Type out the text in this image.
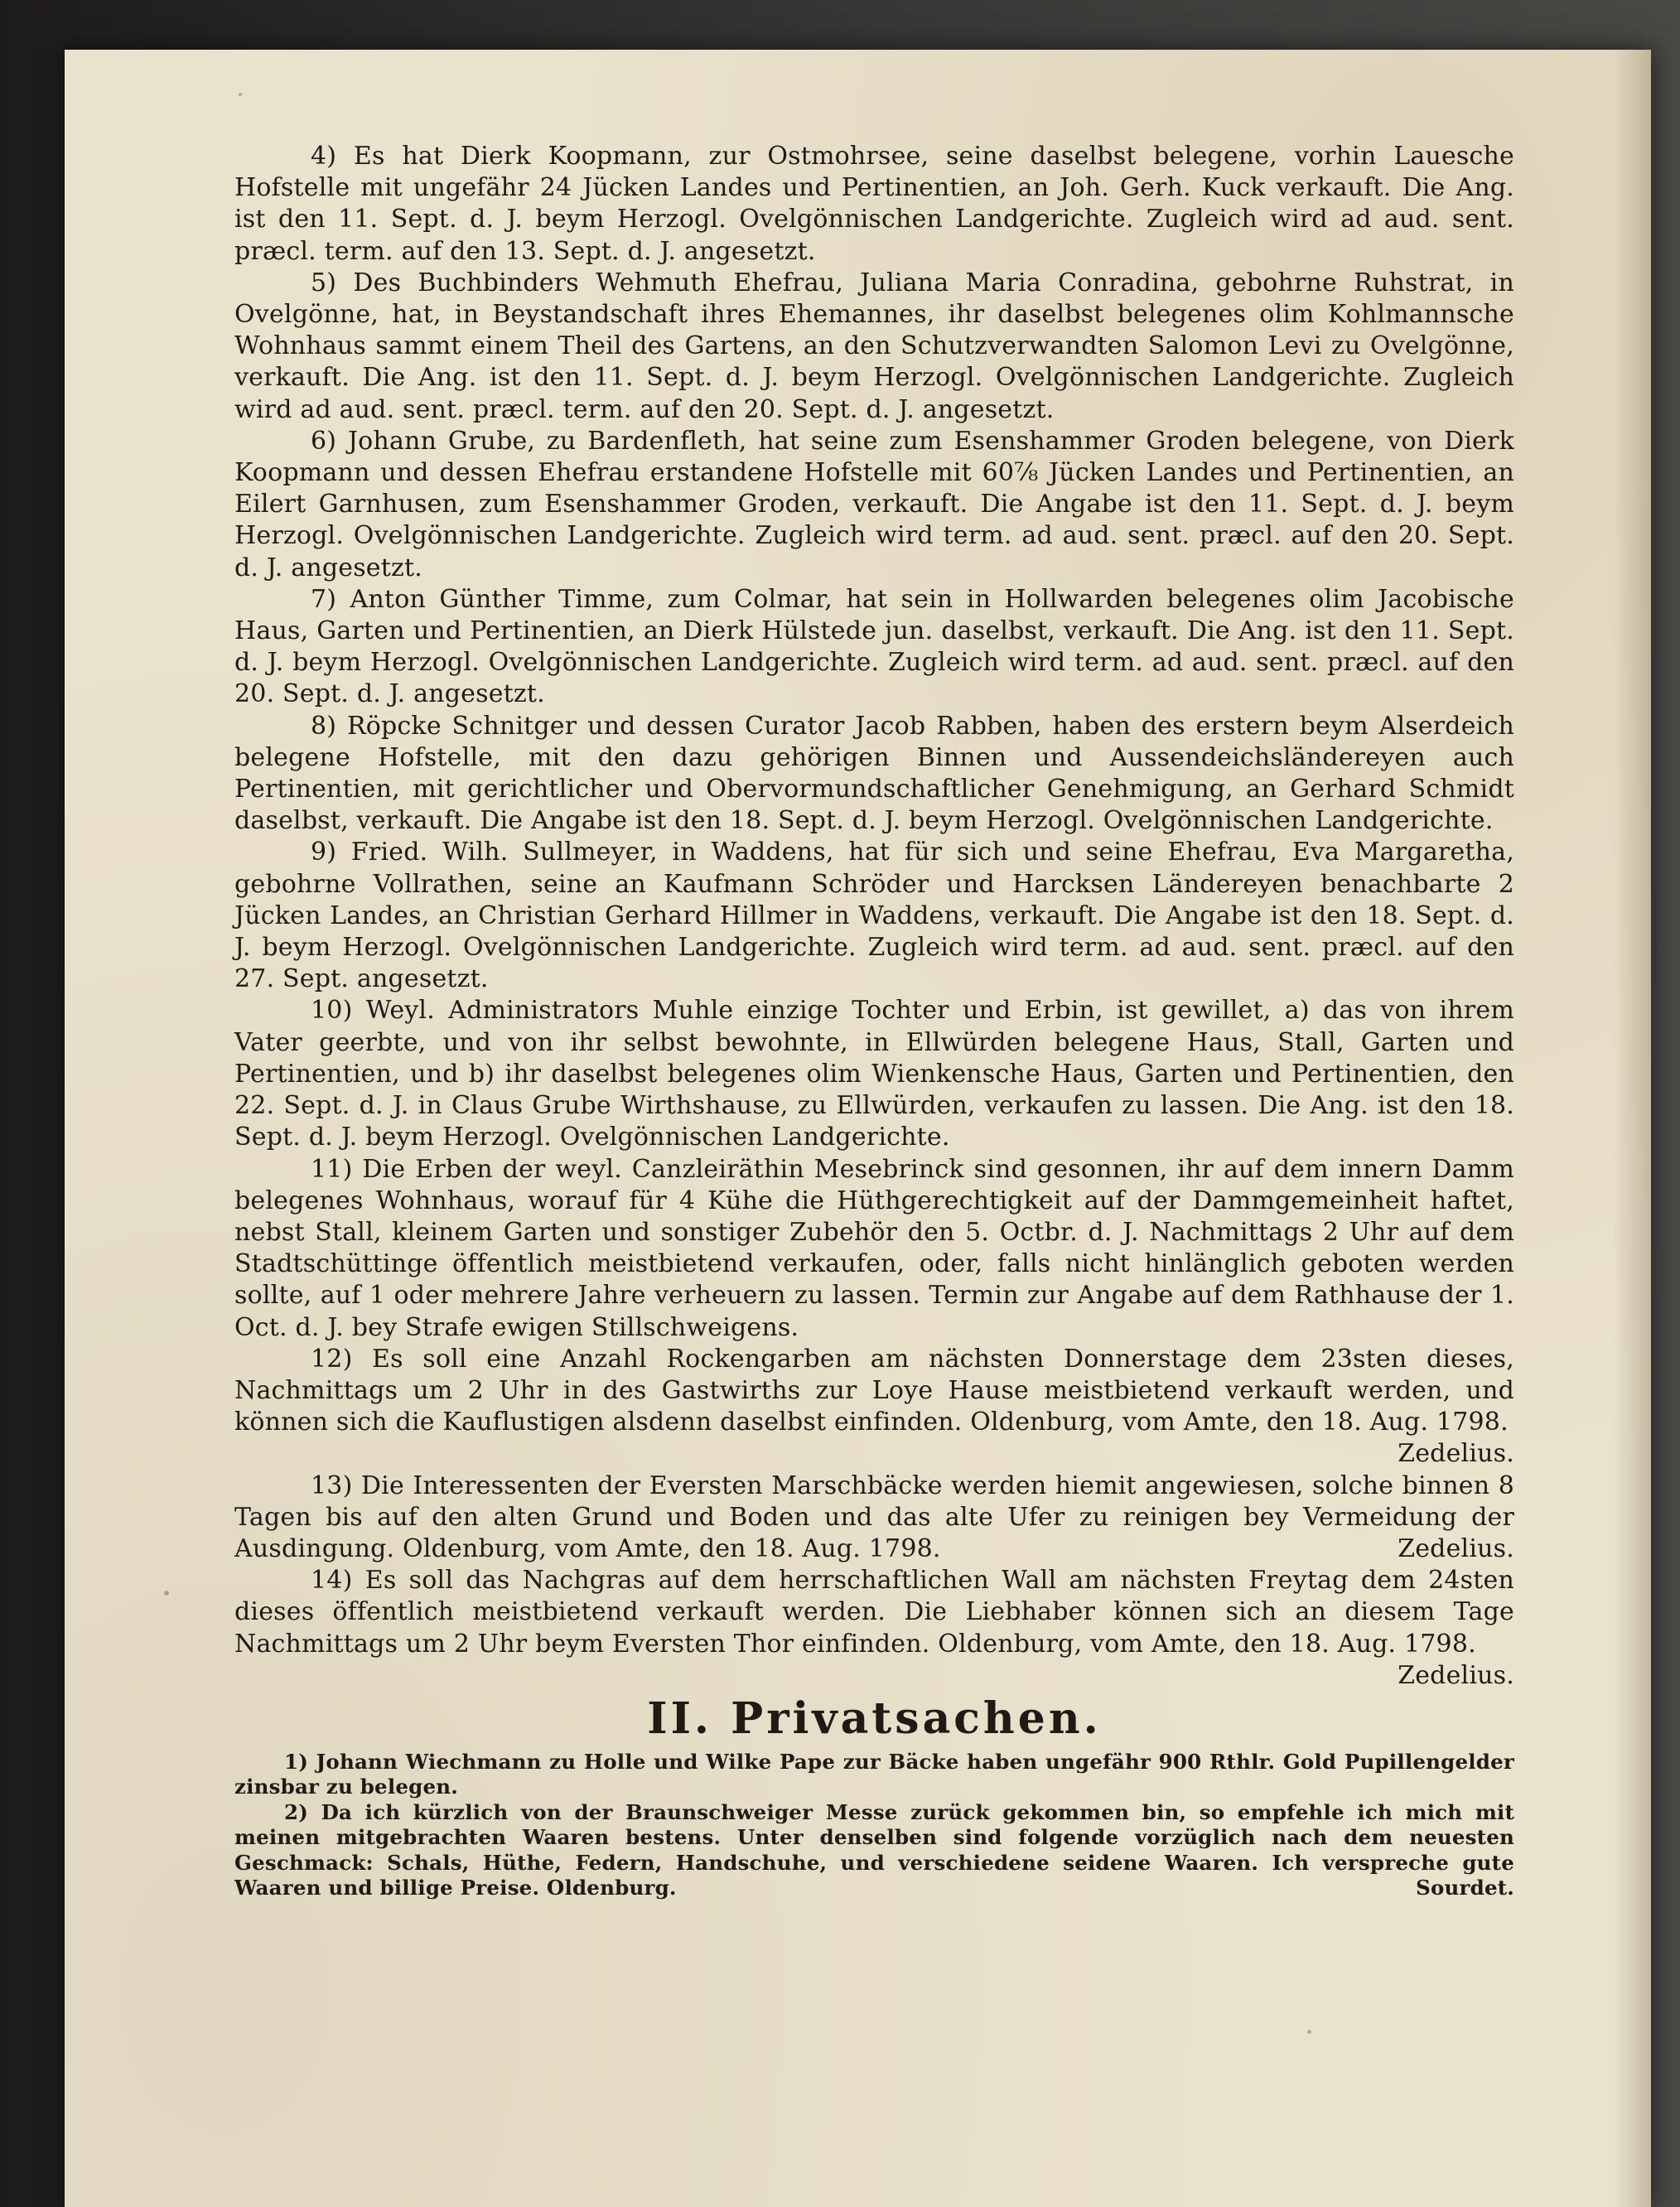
4) Es hat Dierk Koopmann, zur Ostmohrsee, seine daselbst belegene, vorhin Lauesche Hofstelle mit ungefähr 24 Jücken Landes und Pertinentien, an Joh. Gerh. Kuck verkauft. Die Ang. ist den 11. Sept. d. J. beym Herzogl. Ovelgönnischen Landgerichte. Zugleich wird ad aud. sent. præcl. term. auf den 13. Sept. d. J. angesetzt.

5) Des Buchbinders Wehmuth Ehefrau, Juliana Maria Conradina, gebohrne Ruhstrat, in Ovelgönne, hat, in Beystandschaft ihres Ehemannes, ihr daselbst belegenes olim Kohlmannsche Wohnhaus sammt einem Theil des Gartens, an den Schutzverwandten Salomon Levi zu Ovelgönne, verkauft. Die Ang. ist den 11. Sept. d. J. beym Herzogl. Ovelgönnischen Landgerichte. Zugleich wird ad aud. sent. præcl. term. auf den 20. Sept. d. J. angesetzt.

6) Johann Grube, zu Bardenfleth, hat seine zum Esenshammer Groden belegene, von Dierk Koopmann und dessen Ehefrau erstandene Hofstelle mit 60⅞ Jücken Landes und Pertinentien, an Eilert Garnhusen, zum Esenshammer Groden, verkauft. Die Angabe ist den 11. Sept. d. J. beym Herzogl. Ovelgönnischen Landgerichte. Zugleich wird term. ad aud. sent. præcl. auf den 20. Sept. d. J. angesetzt.

7) Anton Günther Timme, zum Colmar, hat sein in Hollwarden belegenes olim Jacobische Haus, Garten und Pertinentien, an Dierk Hülstede jun. daselbst, verkauft. Die Ang. ist den 11. Sept. d. J. beym Herzogl. Ovelgönnischen Landgerichte. Zugleich wird term. ad aud. sent. præcl. auf den 20. Sept. d. J. angesetzt.

8) Röpcke Schnitger und dessen Curator Jacob Rabben, haben des erstern beym Alserdeich belegene Hofstelle, mit den dazu gehörigen Binnen und Aussendeichsländereyen auch Pertinentien, mit gerichtlicher und Obervormundschaftlicher Genehmigung, an Gerhard Schmidt daselbst, verkauft. Die Angabe ist den 18. Sept. d. J. beym Herzogl. Ovelgönnischen Landgerichte.

9) Fried. Wilh. Sullmeyer, in Waddens, hat für sich und seine Ehefrau, Eva Margaretha, gebohrne Vollrathen, seine an Kaufmann Schröder und Harcksen Ländereyen benachbarte 2 Jücken Landes, an Christian Gerhard Hillmer in Waddens, verkauft. Die Angabe ist den 18. Sept. d. J. beym Herzogl. Ovelgönnischen Landgerichte. Zugleich wird term. ad aud. sent. præcl. auf den 27. Sept. angesetzt.

10) Weyl. Administrators Muhle einzige Tochter und Erbin, ist gewillet, a) das von ihrem Vater geerbte, und von ihr selbst bewohnte, in Ellwürden belegene Haus, Stall, Garten und Pertinentien, und b) ihr daselbst belegenes olim Wienkensche Haus, Garten und Pertinentien, den 22. Sept. d. J. in Claus Grube Wirthshause, zu Ellwürden, verkaufen zu lassen. Die Ang. ist den 18. Sept. d. J. beym Herzogl. Ovelgönnischen Landgerichte.

11) Die Erben der weyl. Canzleiräthin Mesebrinck sind gesonnen, ihr auf dem innern Damm belegenes Wohnhaus, worauf für 4 Kühe die Hüthgerechtigkeit auf der Dammgemeinheit haftet, nebst Stall, kleinem Garten und sonstiger Zubehör den 5. Octbr. d. J. Nachmittags 2 Uhr auf dem Stadtschüttingе öffentlich meistbietend verkaufen, oder, falls nicht hinlänglich geboten werden sollte, auf 1 oder mehrere Jahre verheuern zu lassen. Termin zur Angabe auf dem Rathhause der 1. Oct. d. J. bey Strafe ewigen Stillschweigens.

12) Es soll eine Anzahl Rockengarben am nächsten Donnerstage dem 23sten dieses, Nachmittags um 2 Uhr in des Gastwirths zur Loye Hause meistbietend verkauft werden, und können sich die Kauflustigen alsdenn daselbst einfinden. Oldenburg, vom Amte, den 18. Aug. 1798.

Zedelius.

13) Die Interessenten der Eversten Marschbäcke werden hiemit angewiesen, solche binnen 8 Tagen bis auf den alten Grund und Boden und das alte Ufer zu reinigen bey Vermeidung der Ausdingung. Oldenburg, vom Amte, den 18. Aug. 1798.	Zedelius.

14) Es soll das Nachgras auf dem herrschaftlichen Wall am nächsten Freytag dem 24sten dieses öffentlich meistbietend verkauft werden. Die Liebhaber können sich an diesem Tage Nachmittags um 2 Uhr beym Eversten Thor einfinden. Oldenburg, vom Amte, den 18. Aug. 1798.

Zedelius.

II. Privatsachen.

1) Johann Wiechmann zu Holle und Wilke Pape zur Bäcke haben ungefähr 900 Rthlr. Gold Pupillengelder zinsbar zu belegen.

2) Da ich kürzlich von der Braunschweiger Messe zurück gekommen bin, so empfehle ich mich mit meinen mitgebrachten Waaren bestens. Unter denselben sind folgende vorzüglich nach dem neuesten Geschmack: Schals, Hüthe, Federn, Handschuhe, und verschiedene seidene Waaren. Ich verspreche gute Waaren und billige Preise. Oldenburg.	Sourdet.
